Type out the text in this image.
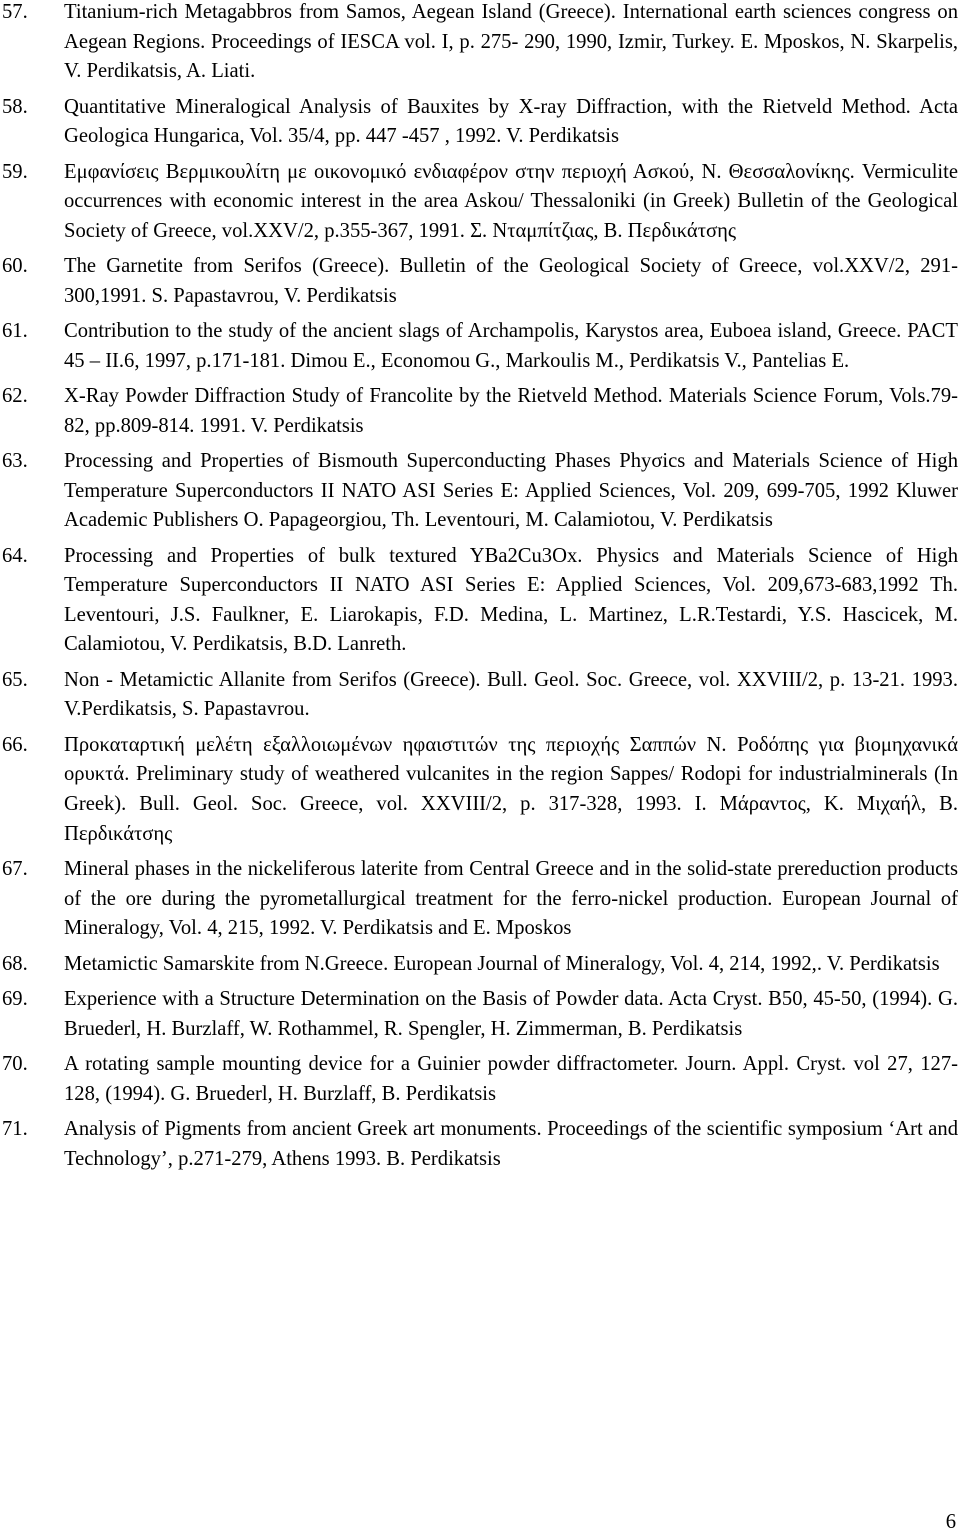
57. Titanium-rich Metagabbros from Samos, Aegean Island (Greece). International earth sciences congress on Aegean Regions. Proceedings of IESCA vol. I, p. 275- 290, 1990, Izmir, Turkey. E. Mposkos, N. Skarpelis, V. Perdikatsis, A. Liati.
58. Quantitative Mineralogical Analysis of Bauxites by X-ray Diffraction, with the Rietveld Method. Acta Geologica Hungarica, Vol. 35/4, pp. 447 -457 , 1992. V. Perdikatsis
59. Εμφανίσεις Βερμικουλίτη με οικονομικό ενδιαφέρον στην περιοχή Ασκού, Ν. Θεσσαλονίκης. Vermiculite occurrences with economic interest in the area Askou/ Thessaloniki (in Greek) Bulletin of the Geological Society of Greece, vol.XXV/2, p.355-367, 1991. Σ. Νταμπίτζιας, Β. Περδικάτσης
60. The Garnetite from Serifos (Greece). Bulletin of the Geological Society of Greece, vol.XXV/2, 291-300,1991. S. Papastavrou, V. Perdikatsis
61. Contribution to the study of the ancient slags of Archampolis, Karystos area, Euboea island, Greece. PACT 45 – II.6, 1997, p.171-181. Dimou E., Economou G., Markoulis M., Perdikatsis V., Pantelias E.
62. X-Ray Powder Diffraction Study of Francolite by the Rietveld Method. Materials Science Forum, Vols.79-82, pp.809-814. 1991. V. Perdikatsis
63. Processing and Properties of Bismouth Superconducting Phases Phyσics and Materials Science of High Temperature Superconductors II NATO ASI Series E: Applied Sciences, Vol. 209, 699-705, 1992 Kluwer Academic Publishers O. Papageorgiou, Th. Leventouri, M. Calamiotou, V. Perdikatsis
64. Processing and Properties of bulk textured YBa2Cu3Ox. Physics and Materials Science of High Temperature Superconductors II NATO ASI Series E: Applied Sciences, Vol. 209,673-683,1992 Th. Leventouri, J.S. Faulkner, E. Liarokapis, F.D. Medina, L. Martinez, L.R.Testardi, Y.S. Hascicek, M. Calamiotou, V. Perdikatsis, B.D. Lanreth.
65. Non - Metamictic Allanite from Serifos (Greece). Bull. Geol. Soc. Greece, vol. XXVIII/2, p. 13-21. 1993. V.Perdikatsis, S. Papastavrou.
66. Προκαταρτική μελέτη εξαλλοιωμένων ηφαιστιτών της περιοχής Σαππών Ν. Ροδόπης για βιομηχανικά ορυκτά. Preliminary study of weathered vulcanites in the region Sappes/ Rodopi for industrialminerals (In Greek). Bull. Geol. Soc. Greece, vol. XXVIII/2, p. 317-328, 1993. Ι. Μάραντος, Κ. Μιχαήλ, Β. Περδικάτσης
67. Mineral phases in the nickeliferous laterite from Central Greece and in the solid-state prereduction products of the ore during the pyrometallurgical treatment for the ferro-nickel production. European Journal of Mineralogy, Vol. 4, 215, 1992. V. Perdikatsis and E. Mposkos
68. Metamictic Samarskite from N.Greece. European Journal of Mineralogy, Vol. 4, 214, 1992,. V. Perdikatsis
69. Experience with a Structure Determination on the Basis of Powder data. Acta Cryst. B50, 45-50, (1994). G. Bruederl, H. Burzlaff, W. Rothammel, R. Spengler, H. Zimmerman, B. Perdikatsis
70. A rotating sample mounting device for a Guinier powder diffractometer. Journ. Appl. Cryst. vol 27, 127-128, (1994). G. Bruederl, H. Burzlaff, B. Perdikatsis
71. Analysis of Pigments from ancient Greek art monuments. Proceedings of the scientific symposium ‘Art and Technology’, p.271-279, Athens 1993. B. Perdikatsis
6
